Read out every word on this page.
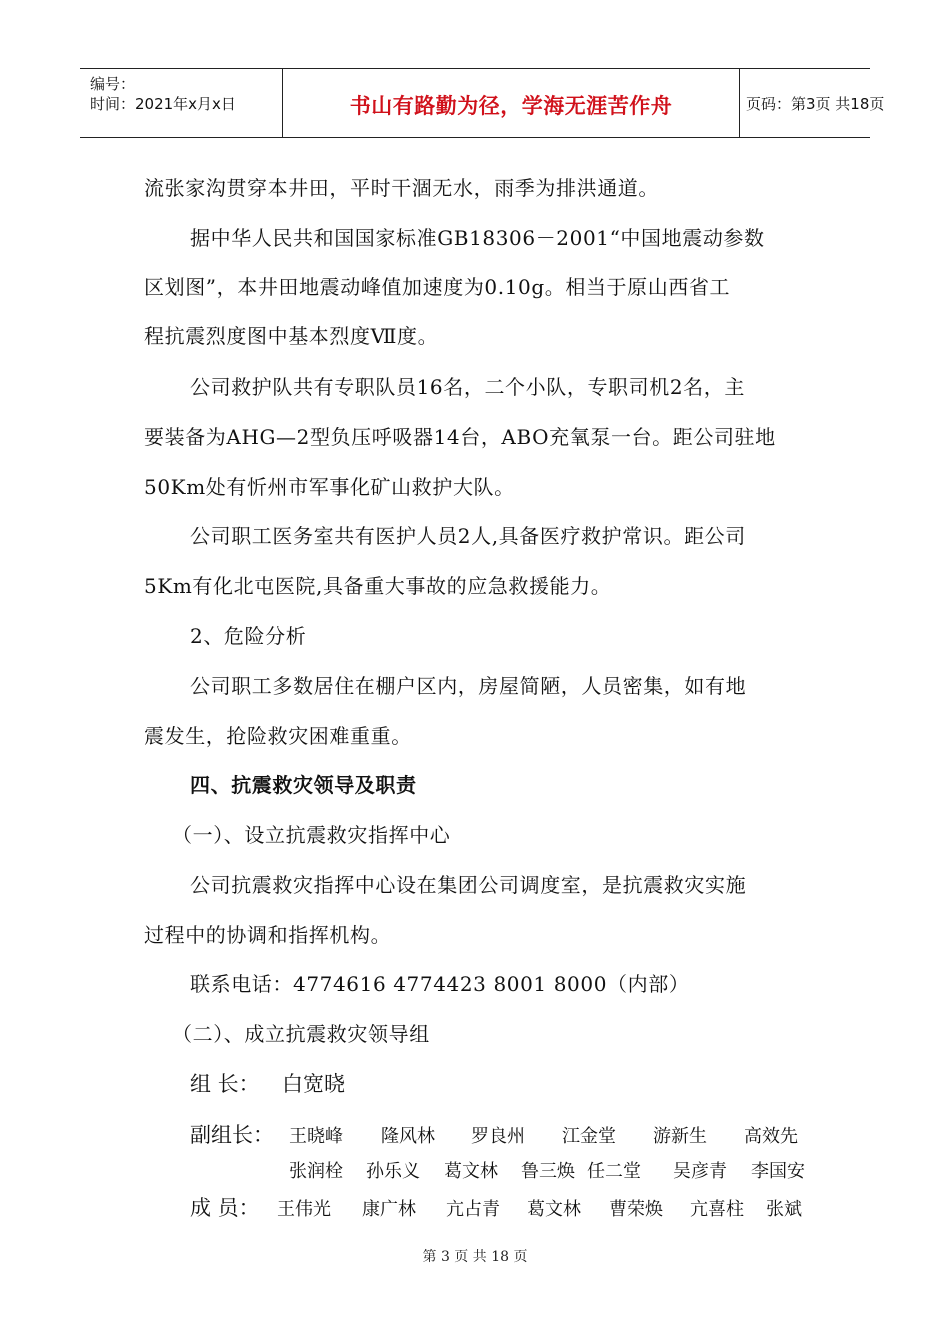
编号：
时间：2021年x月x日	书山有路勤为径，学海无涯苦作舟	页码：第3页 共18页
流张家沟贯穿本井田，平时干涸无水，雨季为排洪通道。
据中华人民共和国国家标准GB18306－2001“中国地震动参数
区划图”，本井田地震动峰值加速度为0.10g。相当于原山西省工
程抗震烈度图中基本烈度Ⅶ度。
公司救护队共有专职队员16名，二个小队，专职司机2名，主
要装备为AHG—2型负压呼吸器14台，ABO充氧泵一台。距公司驻地
50Km处有忻州市军事化矿山救护大队。
公司职工医务室共有医护人员2人,具备医疗救护常识。距公司
5Km有化北屯医院,具备重大事故的应急救援能力。
2、危险分析
公司职工多数居住在棚户区内，房屋简陋，人员密集，如有地
震发生，抢险救灾困难重重。
四、抗震救灾领导及职责
（一）、设立抗震救灾指挥中心
公司抗震救灾指挥中心设在集团公司调度室，是抗震救灾实施
过程中的协调和指挥机构。
联系电话：4774616 4774423 8001 8000（内部）
（二）、成立抗震救灾领导组
组 长： 白宽晓
副组长： 王晓峰 隆风林 罗良州 江金堂 游新生 高效先
张润栓 孙乐义 葛文林 鲁三焕 任二堂 吴彦青 李国安
成 员： 王伟光 康广林 亢占青 葛文林 曹荣焕 亢喜柱 张斌
第 3 页 共 18 页
